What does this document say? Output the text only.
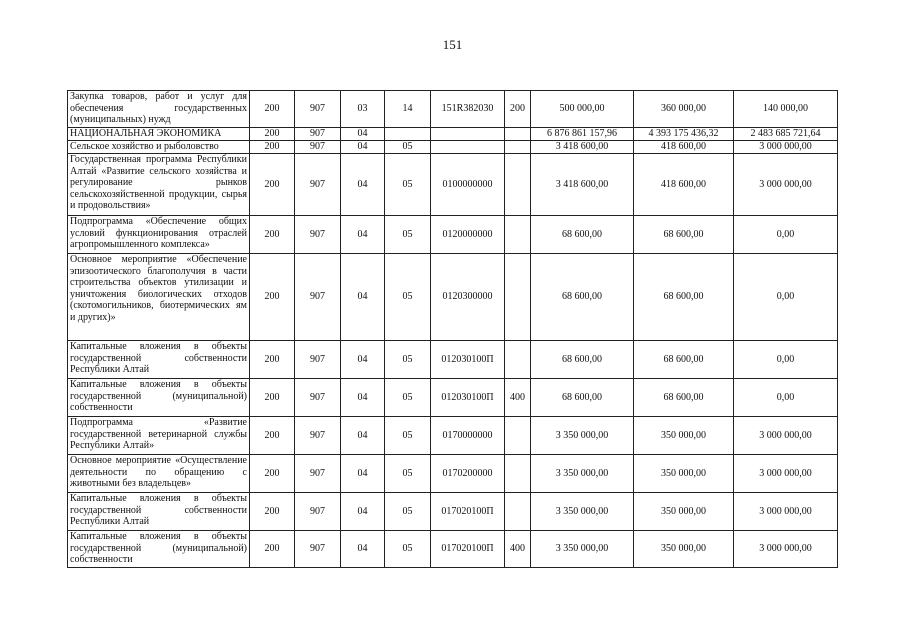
151
Закупка товаров, работ и услуг для обеспечения государственных (муниципальных) нужд	200	907	03	14	151R382030	200	500 000,00	360 000,00	140 000,00
НАЦИОНАЛЬНАЯ ЭКОНОМИКА	200	907	04				6 876 861 157,96	4 393 175 436,32	2 483 685 721,64
Сельское хозяйство и рыболовство	200	907	04	05			3 418 600,00	418 600,00	3 000 000,00
Государственная программа Республики Алтай «Развитие сельского хозяйства и регулирование рынков сельскохозяйственной продукции, сырья и продовольствия»	200	907	04	05	0100000000		3 418 600,00	418 600,00	3 000 000,00
Подпрограмма «Обеспечение общих условий функционирования отраслей агропромышленного комплекса»	200	907	04	05	0120000000		68 600,00	68 600,00	0,00
Основное мероприятие «Обеспечение эпизоотического благополучия в части строительства объектов утилизации и уничтожения биологических отходов (скотомогильников, биотермических ям и других)»	200	907	04	05	0120300000		68 600,00	68 600,00	0,00
Капитальные вложения в объекты государственной собственности Республики Алтай	200	907	04	05	012030100П		68 600,00	68 600,00	0,00
Капитальные вложения в объекты государственной (муниципальной) собственности	200	907	04	05	012030100П	400	68 600,00	68 600,00	0,00
Подпрограмма «Развитие государственной ветеринарной службы Республики Алтай»	200	907	04	05	0170000000		3 350 000,00	350 000,00	3 000 000,00
Основное мероприятие «Осуществление деятельности по обращению с животными без владельцев»	200	907	04	05	0170200000		3 350 000,00	350 000,00	3 000 000,00
Капитальные вложения в объекты государственной собственности Республики Алтай	200	907	04	05	017020100П		3 350 000,00	350 000,00	3 000 000,00
Капитальные вложения в объекты государственной (муниципальной) собственности	200	907	04	05	017020100П	400	3 350 000,00	350 000,00	3 000 000,00
